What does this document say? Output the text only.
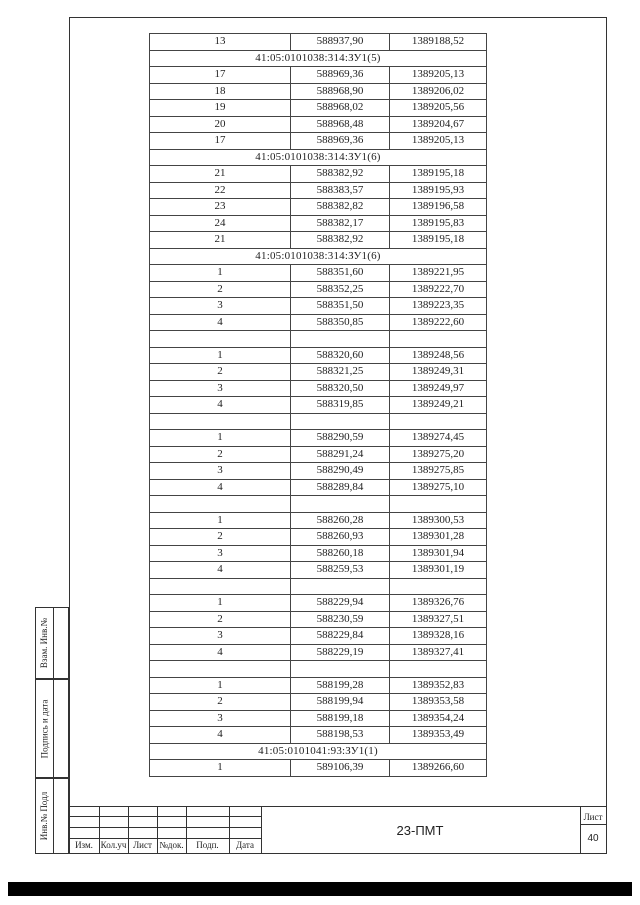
13	588937,90	1389188,52
41:05:0101038:314:ЗУ1(5)		
17	588969,36	1389205,13
18	588968,90	1389206,02
19	588968,02	1389205,56
20	588968,48	1389204,67
17	588969,36	1389205,13
41:05:0101038:314:ЗУ1(6)		
21	588382,92	1389195,18
22	588383,57	1389195,93
23	588382,82	1389196,58
24	588382,17	1389195,83
21	588382,92	1389195,18
41:05:0101038:314:ЗУ1(6)		
1	588351,60	1389221,95
2	588352,25	1389222,70
3	588351,50	1389223,35
4	588350,85	1389222,60

1	588320,60	1389248,56
2	588321,25	1389249,31
3	588320,50	1389249,97
4	588319,85	1389249,21

1	588290,59	1389274,45
2	588291,24	1389275,20
3	588290,49	1389275,85
4	588289,84	1389275,10

1	588260,28	1389300,53
2	588260,93	1389301,28
3	588260,18	1389301,94
4	588259,53	1389301,19

1	588229,94	1389326,76
2	588230,59	1389327,51
3	588229,84	1389328,16
4	588229,19	1389327,41

1	588199,28	1389352,83
2	588199,94	1389353,58
3	588199,18	1389354,24
4	588198,53	1389353,49
41:05:0101041:93:ЗУ1(1)		
1	589106,39	1389266,60
Взам. Инв.№
Подпись и дата
Инв.№ Подл
Изм. Кол.уч Лист №док.	Подп.	Дата
23-ПМТ
Лист
40
